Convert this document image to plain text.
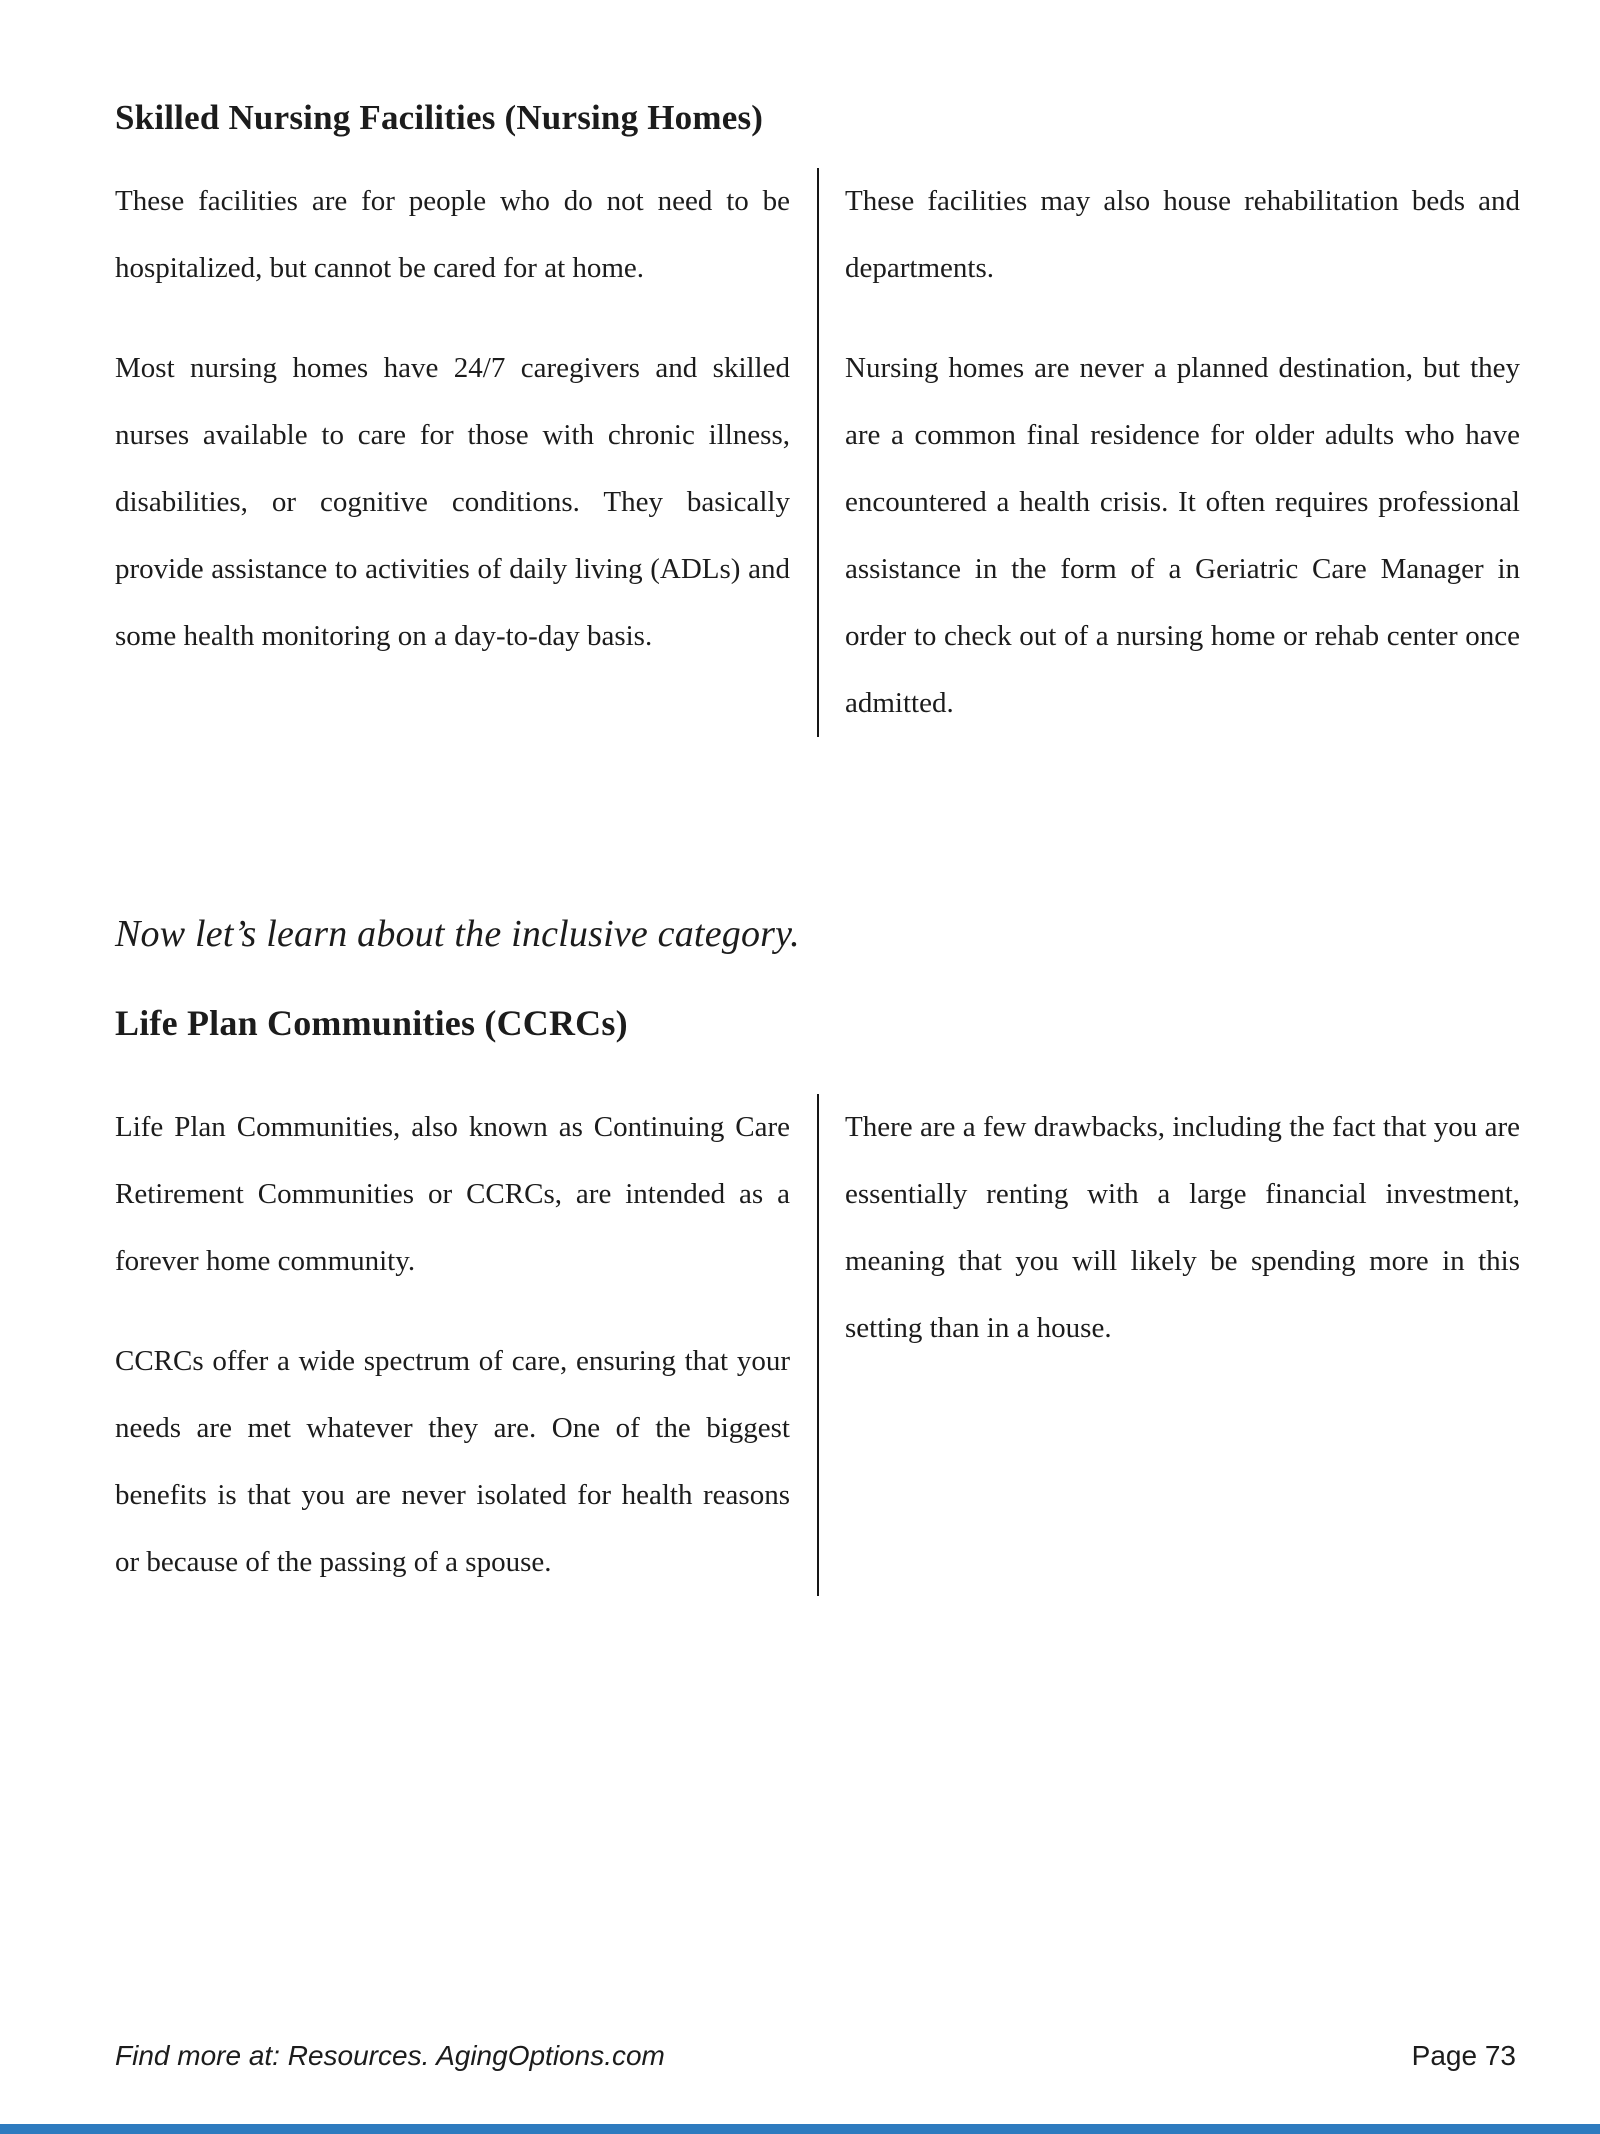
Skilled Nursing Facilities (Nursing Homes)

These facilities are for people who do not need to be hospitalized, but cannot be cared for at home.

Most nursing homes have 24/7 caregivers and skilled nurses available to care for those with chronic illness, disabilities, or cognitive conditions. They basically provide assistance to activities of daily living (ADLs) and some health monitoring on a day-to-day basis.

These facilities may also house rehabilitation beds and departments.

Nursing homes are never a planned destination, but they are a common final residence for older adults who have encountered a health crisis. It often requires professional assistance in the form of a Geriatric Care Manager in order to check out of a nursing home or rehab center once admitted.

Now let’s learn about the inclusive category.
Life Plan Communities (CCRCs)

Life Plan Communities, also known as Continuing Care Retirement Communities or CCRCs, are intended as a forever home community.

CCRCs offer a wide spectrum of care, ensuring that your needs are met whatever they are. One of the biggest benefits is that you are never isolated for health reasons or because of the passing of a spouse.

There are a few drawbacks, including the fact that you are essentially renting with a large financial investment, meaning that you will likely be spending more in this setting than in a house.

Find more at: Resources. AgingOptions.com	Page 73
